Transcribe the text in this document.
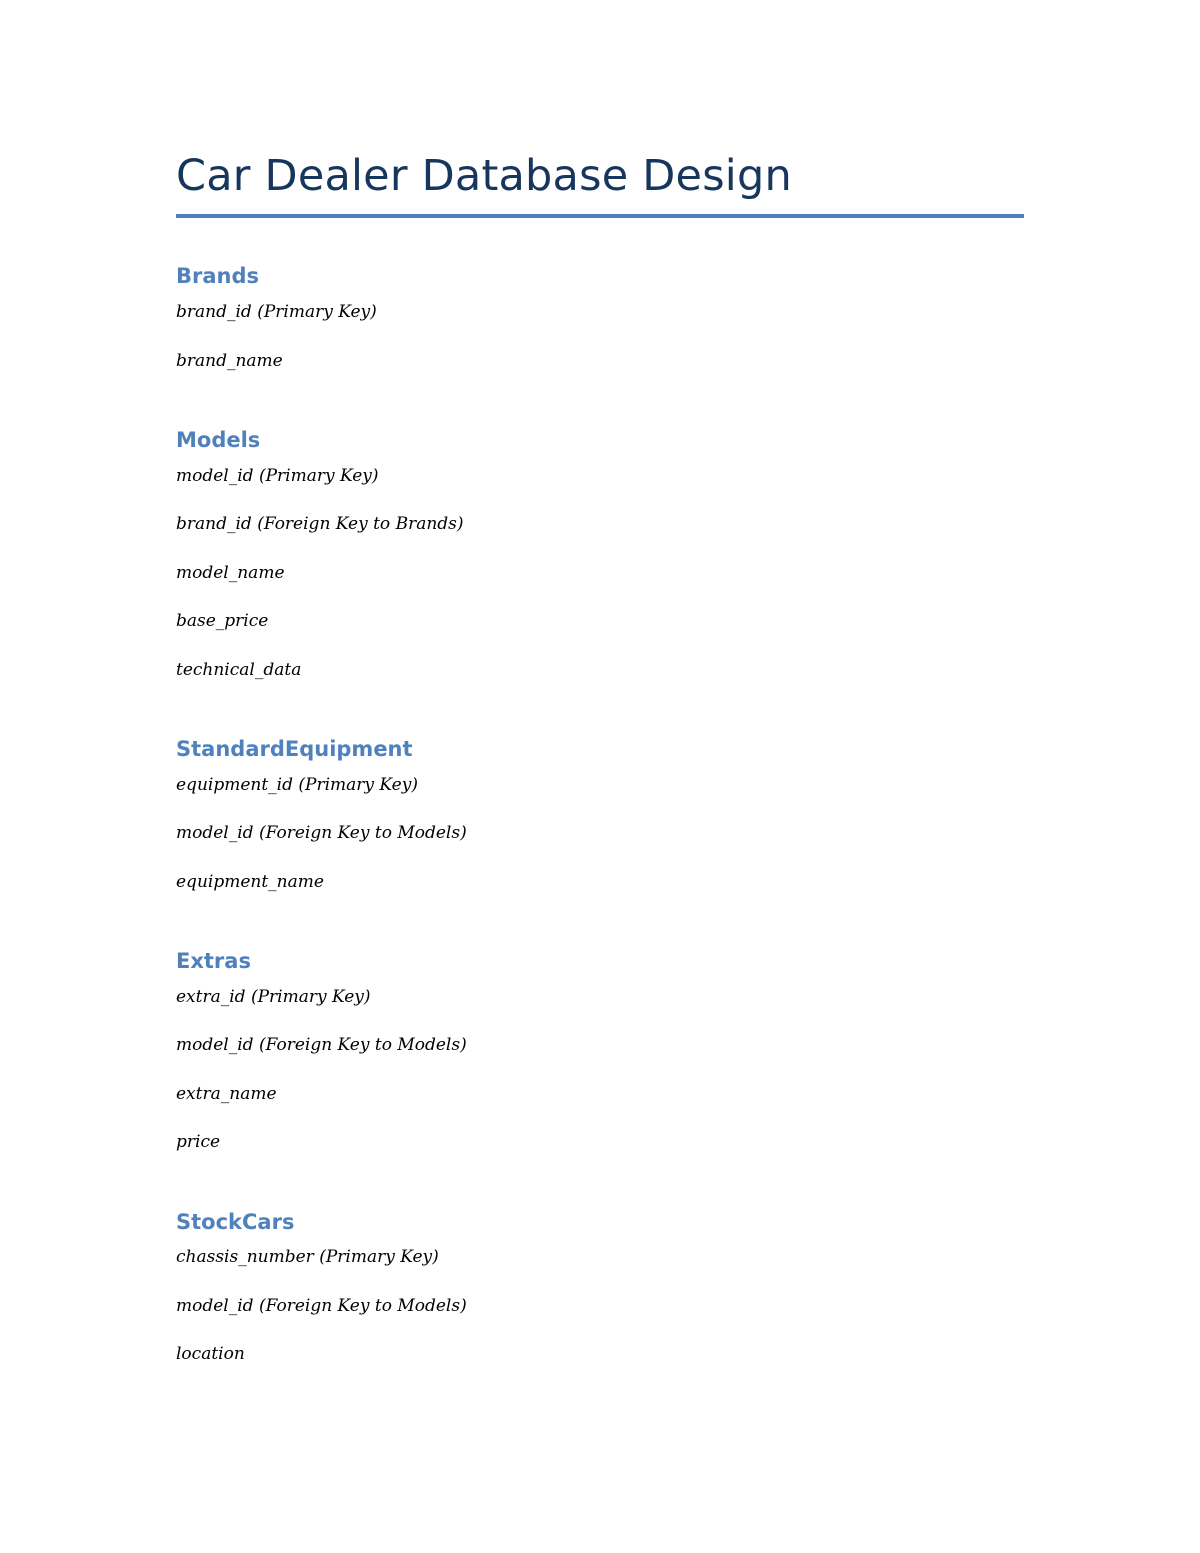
Car Dealer Database Design
Brands

brand_id (Primary Key)

brand_name

Models

model_id (Primary Key)

brand_id (Foreign Key to Brands)

model_name

base_price

technical_data

StandardEquipment

equipment_id (Primary Key)

model_id (Foreign Key to Models)

equipment_name

Extras

extra_id (Primary Key)

model_id (Foreign Key to Models)

extra_name

price

StockCars

chassis_number (Primary Key)

model_id (Foreign Key to Models)

location
